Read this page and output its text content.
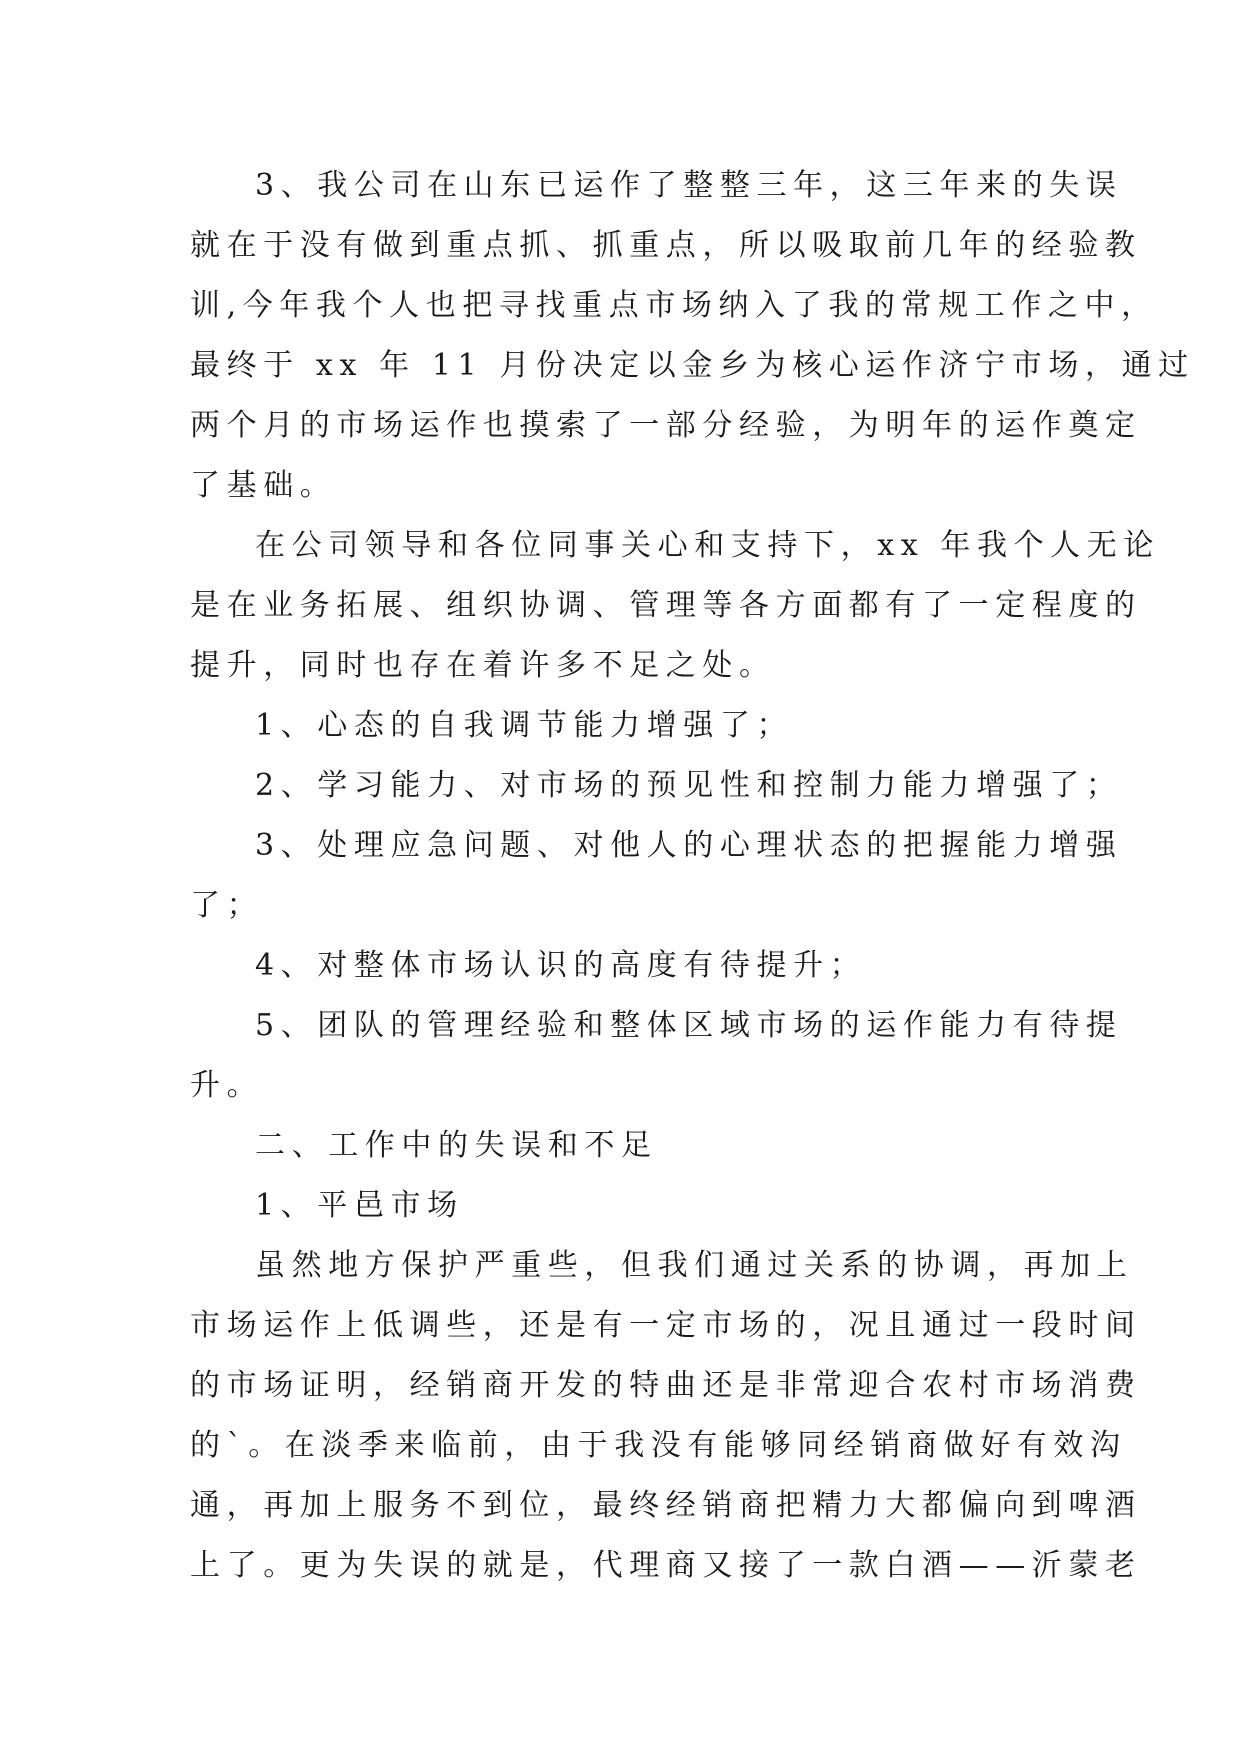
3、我公司在山东已运作了整整三年，这三年来的失误
就在于没有做到重点抓、抓重点，所以吸取前几年的经验教
训,今年我个人也把寻找重点市场纳入了我的常规工作之中，
最终于 xx 年 11 月份决定以金乡为核心运作济宁市场，通过
两个月的市场运作也摸索了一部分经验，为明年的运作奠定
了基础。
在公司领导和各位同事关心和支持下，xx 年我个人无论
是在业务拓展、组织协调、管理等各方面都有了一定程度的
提升，同时也存在着许多不足之处。
1、心态的自我调节能力增强了；
2、学习能力、对市场的预见性和控制力能力增强了；
3、处理应急问题、对他人的心理状态的把握能力增强
了；
4、对整体市场认识的高度有待提升；
5、团队的管理经验和整体区域市场的运作能力有待提
升。
二、工作中的失误和不足
1、平邑市场
虽然地方保护严重些，但我们通过关系的协调，再加上
市场运作上低调些，还是有一定市场的，况且通过一段时间
的市场证明，经销商开发的特曲还是非常迎合农村市场消费
的`。在淡季来临前，由于我没有能够同经销商做好有效沟
通，再加上服务不到位，最终经销商把精力大都偏向到啤酒
上了。更为失误的就是，代理商又接了一款白酒——沂蒙老
